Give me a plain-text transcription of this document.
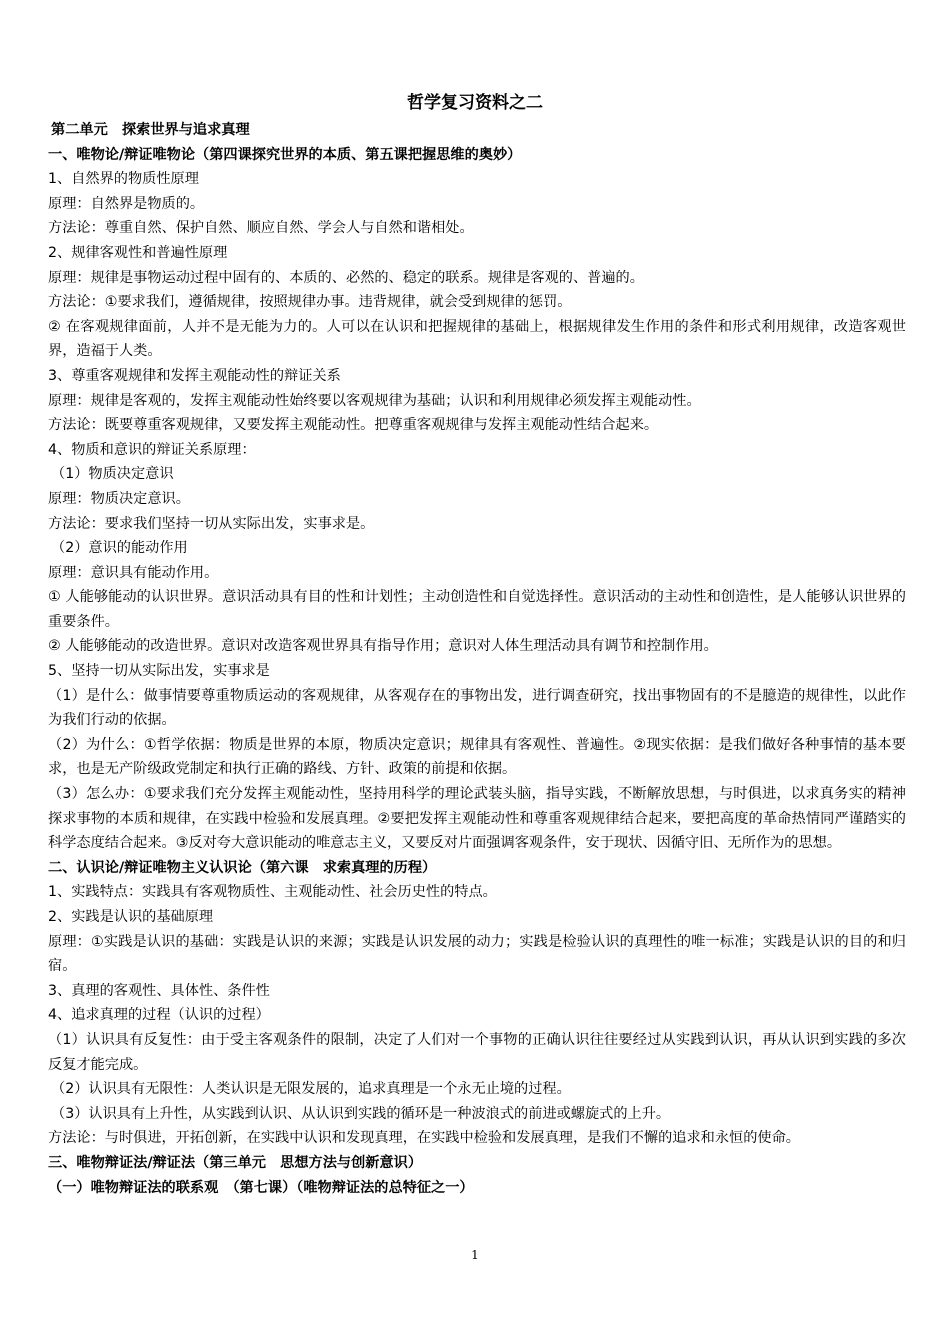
哲学复习资料之二
第二单元　探索世界与追求真理
一、唯物论/辩证唯物论（第四课探究世界的本质、第五课把握思维的奥妙）
1、自然界的物质性原理
原理：自然界是物质的。
方法论：尊重自然、保护自然、顺应自然、学会人与自然和谐相处。
2、规律客观性和普遍性原理
原理：规律是事物运动过程中固有的、本质的、必然的、稳定的联系。规律是客观的、普遍的。
方法论：①要求我们，遵循规律，按照规律办事。违背规律，就会受到规律的惩罚。
② 在客观规律面前，人并不是无能为力的。人可以在认识和把握规律的基础上，根据规律发生作用的条件和形式利用规律，改造客观世界，造福于人类。
3、尊重客观规律和发挥主观能动性的辩证关系
原理：规律是客观的，发挥主观能动性始终要以客观规律为基础；认识和利用规律必须发挥主观能动性。
方法论：既要尊重客观规律，又要发挥主观能动性。把尊重客观规律与发挥主观能动性结合起来。
4、物质和意识的辩证关系原理：
（1）物质决定意识
原理：物质决定意识。
方法论：要求我们坚持一切从实际出发，实事求是。
（2）意识的能动作用
原理：意识具有能动作用。
① 人能够能动的认识世界。意识活动具有目的性和计划性；主动创造性和自觉选择性。意识活动的主动性和创造性，是人能够认识世界的重要条件。
② 人能够能动的改造世界。意识对改造客观世界具有指导作用；意识对人体生理活动具有调节和控制作用。
5、坚持一切从实际出发，实事求是
（1）是什么：做事情要尊重物质运动的客观规律，从客观存在的事物出发，进行调查研究，找出事物固有的不是臆造的规律性，以此作为我们行动的依据。
（2）为什么：①哲学依据：物质是世界的本原，物质决定意识；规律具有客观性、普遍性。②现实依据：是我们做好各种事情的基本要求，也是无产阶级政党制定和执行正确的路线、方针、政策的前提和依据。
（3）怎么办：①要求我们充分发挥主观能动性，坚持用科学的理论武装头脑，指导实践，不断解放思想，与时俱进，以求真务实的精神探求事物的本质和规律，在实践中检验和发展真理。②要把发挥主观能动性和尊重客观规律结合起来，要把高度的革命热情同严谨踏实的科学态度结合起来。③反对夸大意识能动的唯意志主义，又要反对片面强调客观条件，安于现状、因循守旧、无所作为的思想。
二、认识论/辩证唯物主义认识论（第六课　求索真理的历程）
1、实践特点：实践具有客观物质性、主观能动性、社会历史性的特点。
2、实践是认识的基础原理
原理：①实践是认识的基础：实践是认识的来源；实践是认识发展的动力；实践是检验认识的真理性的唯一标准；实践是认识的目的和归宿。
3、真理的客观性、具体性、条件性
4、追求真理的过程（认识的过程）
（1）认识具有反复性：由于受主客观条件的限制，决定了人们对一个事物的正确认识往往要经过从实践到认识，再从认识到实践的多次反复才能完成。
（2）认识具有无限性：人类认识是无限发展的，追求真理是一个永无止境的过程。
（3）认识具有上升性，从实践到认识、从认识到实践的循环是一种波浪式的前进或螺旋式的上升。
方法论：与时俱进，开拓创新，在实践中认识和发现真理，在实践中检验和发展真理，是我们不懈的追求和永恒的使命。
三、唯物辩证法/辩证法（第三单元　思想方法与创新意识）
（一）唯物辩证法的联系观　（第七课）（唯物辩证法的总特征之一）
1
